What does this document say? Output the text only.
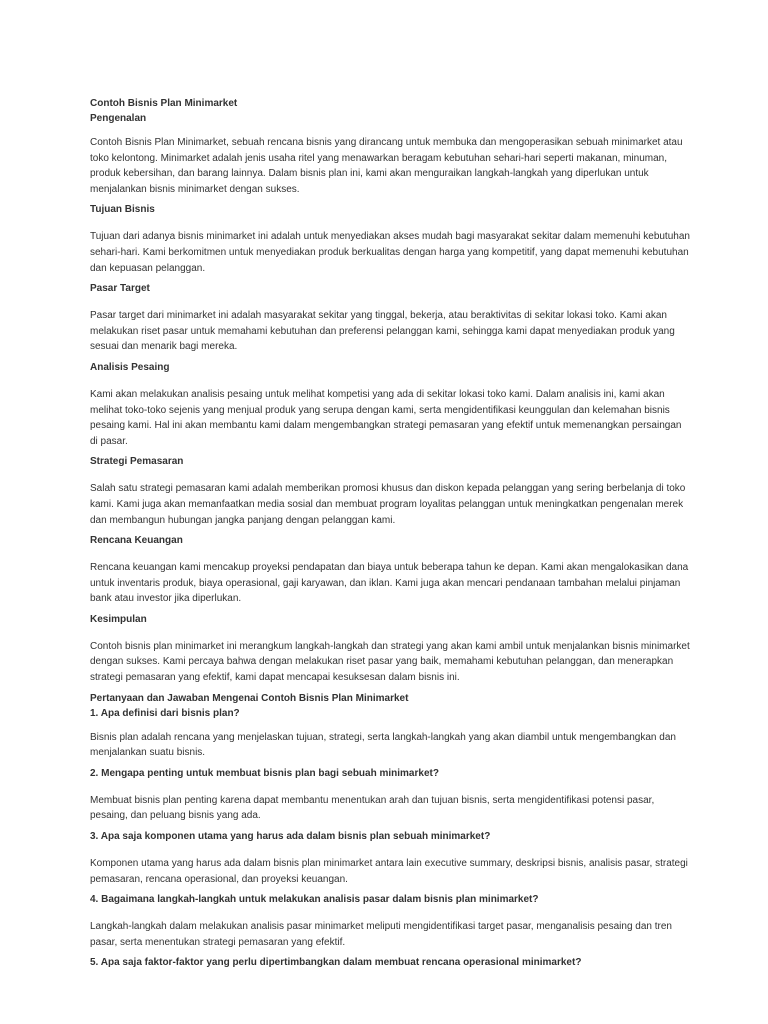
Contoh Bisnis Plan Minimarket
Pengenalan

Contoh Bisnis Plan Minimarket, sebuah rencana bisnis yang dirancang untuk membuka dan mengoperasikan sebuah minimarket atau toko kelontong. Minimarket adalah jenis usaha ritel yang menawarkan beragam kebutuhan sehari-hari seperti makanan, minuman, produk kebersihan, dan barang lainnya. Dalam bisnis plan ini, kami akan menguraikan langkah-langkah yang diperlukan untuk menjalankan bisnis minimarket dengan sukses.

Tujuan Bisnis

Tujuan dari adanya bisnis minimarket ini adalah untuk menyediakan akses mudah bagi masyarakat sekitar dalam memenuhi kebutuhan sehari-hari. Kami berkomitmen untuk menyediakan produk berkualitas dengan harga yang kompetitif, yang dapat memenuhi kebutuhan dan kepuasan pelanggan.

Pasar Target

Pasar target dari minimarket ini adalah masyarakat sekitar yang tinggal, bekerja, atau beraktivitas di sekitar lokasi toko. Kami akan melakukan riset pasar untuk memahami kebutuhan dan preferensi pelanggan kami, sehingga kami dapat menyediakan produk yang sesuai dan menarik bagi mereka.

Analisis Pesaing

Kami akan melakukan analisis pesaing untuk melihat kompetisi yang ada di sekitar lokasi toko kami. Dalam analisis ini, kami akan melihat toko-toko sejenis yang menjual produk yang serupa dengan kami, serta mengidentifikasi keunggulan dan kelemahan bisnis pesaing kami. Hal ini akan membantu kami dalam mengembangkan strategi pemasaran yang efektif untuk memenangkan persaingan di pasar.

Strategi Pemasaran

Salah satu strategi pemasaran kami adalah memberikan promosi khusus dan diskon kepada pelanggan yang sering berbelanja di toko kami. Kami juga akan memanfaatkan media sosial dan membuat program loyalitas pelanggan untuk meningkatkan pengenalan merek dan membangun hubungan jangka panjang dengan pelanggan kami.

Rencana Keuangan

Rencana keuangan kami mencakup proyeksi pendapatan dan biaya untuk beberapa tahun ke depan. Kami akan mengalokasikan dana untuk inventaris produk, biaya operasional, gaji karyawan, dan iklan. Kami juga akan mencari pendanaan tambahan melalui pinjaman bank atau investor jika diperlukan.

Kesimpulan

Contoh bisnis plan minimarket ini merangkum langkah-langkah dan strategi yang akan kami ambil untuk menjalankan bisnis minimarket dengan sukses. Kami percaya bahwa dengan melakukan riset pasar yang baik, memahami kebutuhan pelanggan, dan menerapkan strategi pemasaran yang efektif, kami dapat mencapai kesuksesan dalam bisnis ini.

Pertanyaan dan Jawaban Mengenai Contoh Bisnis Plan Minimarket
1. Apa definisi dari bisnis plan?

Bisnis plan adalah rencana yang menjelaskan tujuan, strategi, serta langkah-langkah yang akan diambil untuk mengembangkan dan menjalankan suatu bisnis.

2. Mengapa penting untuk membuat bisnis plan bagi sebuah minimarket?

Membuat bisnis plan penting karena dapat membantu menentukan arah dan tujuan bisnis, serta mengidentifikasi potensi pasar, pesaing, dan peluang bisnis yang ada.

3. Apa saja komponen utama yang harus ada dalam bisnis plan sebuah minimarket?

Komponen utama yang harus ada dalam bisnis plan minimarket antara lain executive summary, deskripsi bisnis, analisis pasar, strategi pemasaran, rencana operasional, dan proyeksi keuangan.

4. Bagaimana langkah-langkah untuk melakukan analisis pasar dalam bisnis plan minimarket?

Langkah-langkah dalam melakukan analisis pasar minimarket meliputi mengidentifikasi target pasar, menganalisis pesaing dan tren pasar, serta menentukan strategi pemasaran yang efektif.

5. Apa saja faktor-faktor yang perlu dipertimbangkan dalam membuat rencana operasional minimarket?
